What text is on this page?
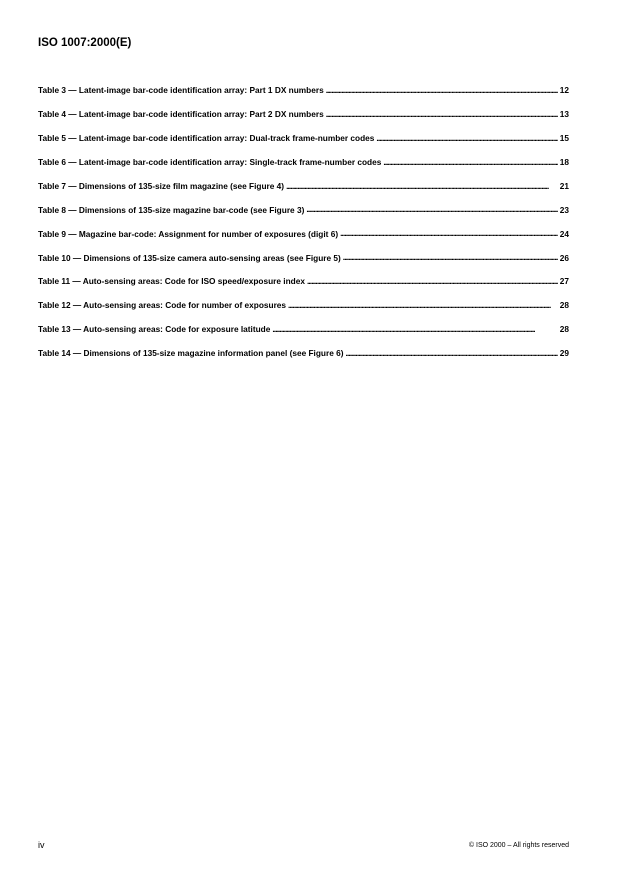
ISO 1007:2000(E)
Table 3 — Latent-image bar-code identification array: Part 1 DX numbers . . .	12
Table 4 — Latent-image bar-code identification array: Part 2 DX numbers . . .	13
Table 5 — Latent-image bar-code identification array: Dual-track frame-number codes . . .	15
Table 6 — Latent-image bar-code identification array: Single-track frame-number codes . . .	18
Table 7 — Dimensions of 135-size film magazine (see Figure 4) . . .	21
Table 8 — Dimensions of 135-size magazine bar-code (see Figure 3) . . .	23
Table 9 — Magazine bar-code: Assignment for number of exposures (digit 6) . . .	24
Table 10 — Dimensions of 135-size camera auto-sensing areas (see Figure 5) . . .	26
Table 11 — Auto-sensing areas: Code for ISO speed/exposure index . . .	27
Table 12 — Auto-sensing areas: Code for number of exposures . . .	28
Table 13 — Auto-sensing areas: Code for exposure latitude . . .	28
Table 14 — Dimensions of 135-size magazine information panel (see Figure 6) . . .	29
iv	© ISO 2000 – All rights reserved
